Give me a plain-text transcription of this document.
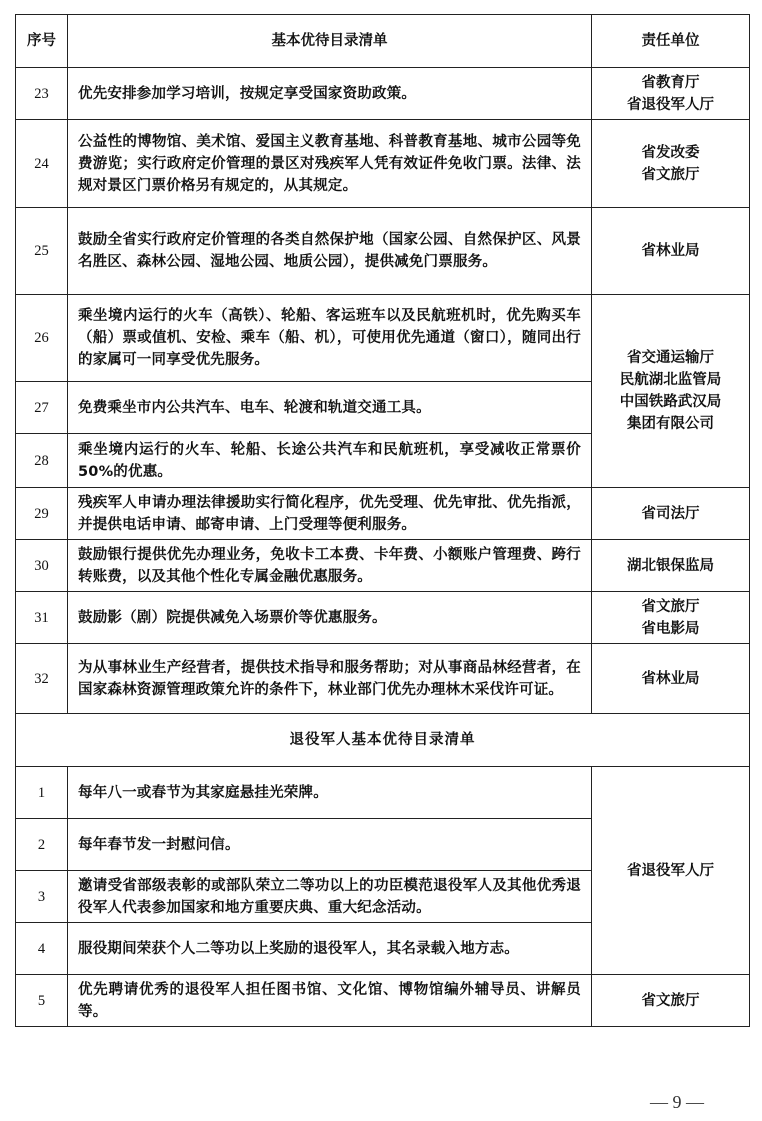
序号	基本优待目录清单	责任单位
23	优先安排参加学习培训，按规定享受国家资助政策。	省教育厅
省退役军人厅
24	公益性的博物馆、美术馆、爱国主义教育基地、科普教育基地、城市公园等免费游览；实行政府定价管理的景区对残疾军人凭有效证件免收门票。法律、法规对景区门票价格另有规定的，从其规定。	省发改委
省文旅厅
25	鼓励全省实行政府定价管理的各类自然保护地（国家公园、自然保护区、风景名胜区、森林公园、湿地公园、地质公园），提供减免门票服务。	省林业局
26	乘坐境内运行的火车（高铁）、轮船、客运班车以及民航班机时，优先购买车（船）票或值机、安检、乘车（船、机），可使用优先通道（窗口），随同出行的家属可一同享受优先服务。	省交通运输厅
民航湖北监管局
中国铁路武汉局
集团有限公司
27	免费乘坐市内公共汽车、电车、轮渡和轨道交通工具。	
28	乘坐境内运行的火车、轮船、长途公共汽车和民航班机，享受减收正常票价 50%的优惠。	
29	残疾军人申请办理法律援助实行简化程序，优先受理、优先审批、优先指派，并提供电话申请、邮寄申请、上门受理等便利服务。	省司法厅
30	鼓励银行提供优先办理业务，免收卡工本费、卡年费、小额账户管理费、跨行转账费，以及其他个性化专属金融优惠服务。	湖北银保监局
31	鼓励影（剧）院提供减免入场票价等优惠服务。	省文旅厅
省电影局
32	为从事林业生产经营者，提供技术指导和服务帮助；对从事商品林经营者，在国家森林资源管理政策允许的条件下，林业部门优先办理林木采伐许可证。	省林业局
退役军人基本优待目录清单		
1	每年八一或春节为其家庭悬挂光荣牌。	省退役军人厅
2	每年春节发一封慰问信。	
3	邀请受省部级表彰的或部队荣立二等功以上的功臣模范退役军人及其他优秀退役军人代表参加国家和地方重要庆典、重大纪念活动。	
4	服役期间荣获个人二等功以上奖励的退役军人，其名录载入地方志。	
5	优先聘请优秀的退役军人担任图书馆、文化馆、博物馆编外辅导员、讲解员等。	省文旅厅
— 9 —
